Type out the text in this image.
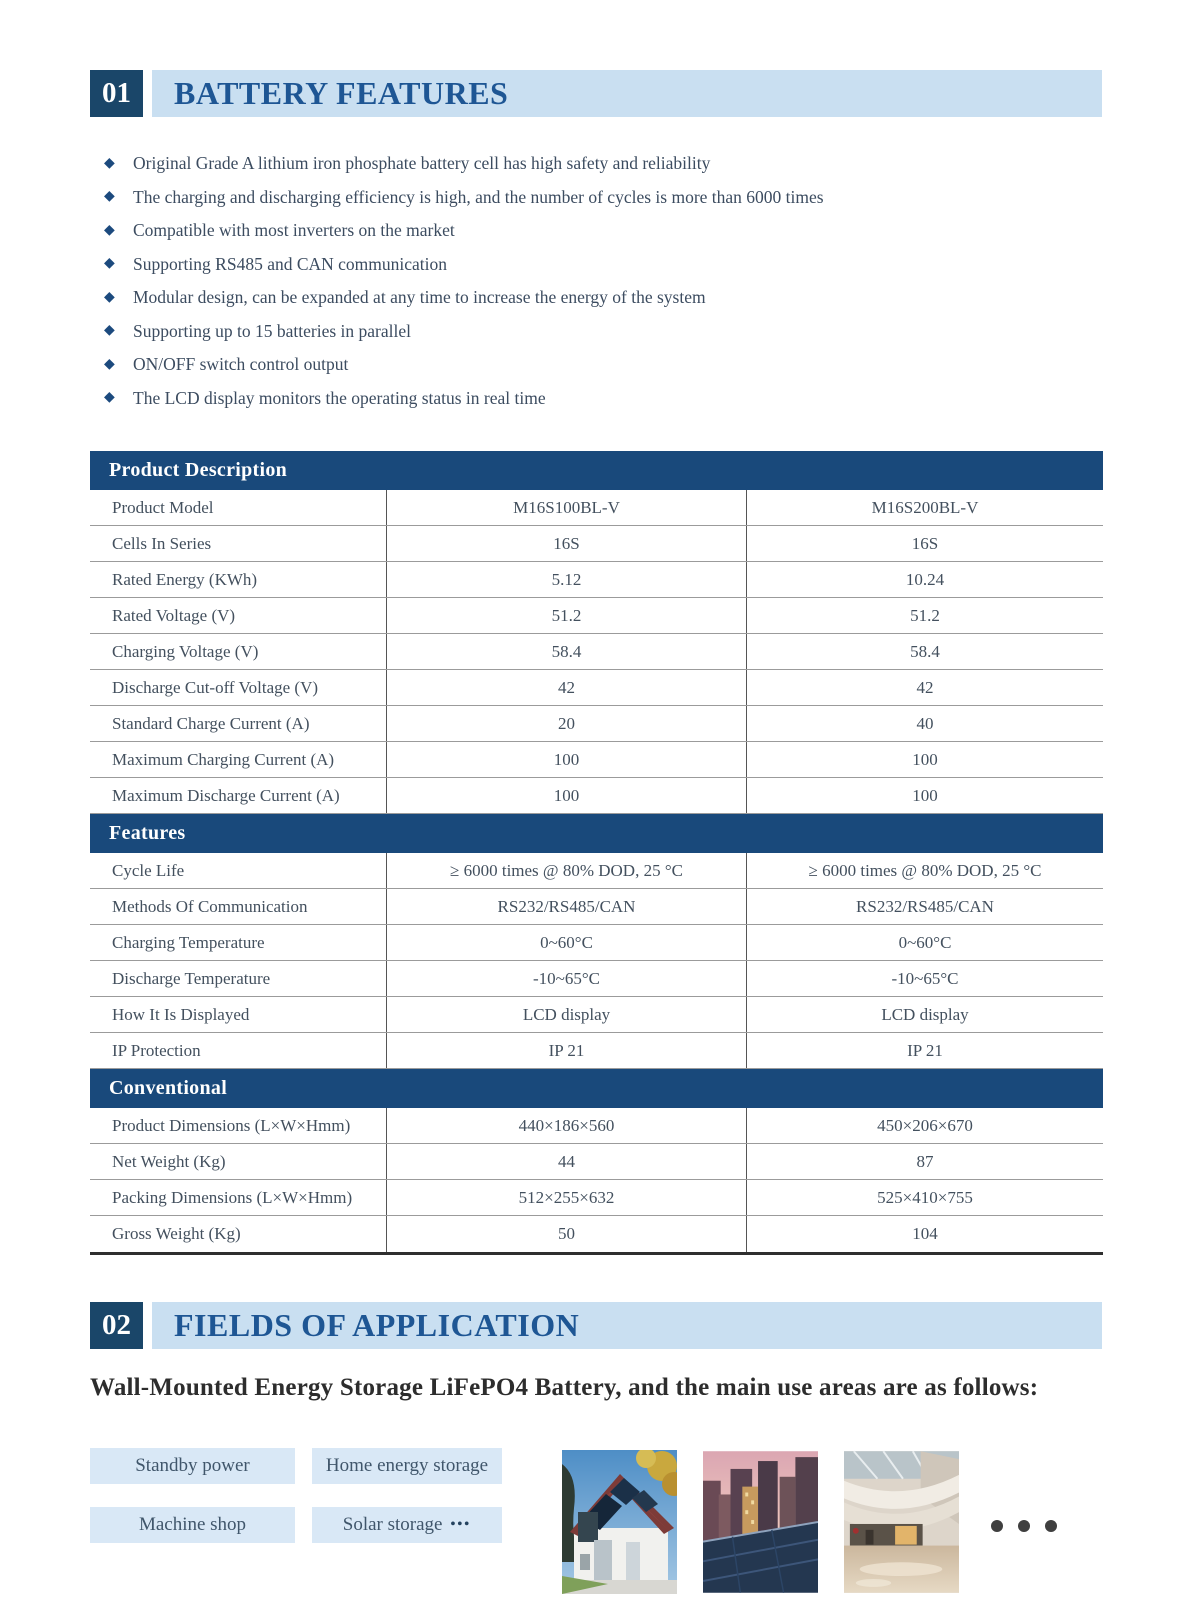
01	BATTERY FEATURES
◆	Original Grade A lithium iron phosphate battery cell has high safety and reliability
◆	The charging and discharging efficiency is high, and the number of cycles is more than 6000 times
◆	Compatible with most inverters on the market
◆	Supporting RS485 and CAN communication
◆	Modular design, can be expanded at any time to increase the energy of the system
◆	Supporting up to 15 batteries in parallel
◆	ON/OFF switch control output
◆	The LCD display monitors the operating status in real time
Product Description
Product Model	M16S100BL-V	M16S200BL-V
Cells In Series	16S	16S
Rated Energy (KWh)	5.12	10.24
Rated Voltage (V)	51.2	51.2
Charging Voltage (V)	58.4	58.4
Discharge Cut-off Voltage (V)	42	42
Standard Charge Current (A)	20	40
Maximum Charging Current (A)	100	100
Maximum Discharge Current (A)	100	100
Features
Cycle Life	≥ 6000 times @ 80% DOD, 25 °C	≥ 6000 times @ 80% DOD, 25 °C
Methods Of Communication	RS232/RS485/CAN	RS232/RS485/CAN
Charging Temperature	0~60°C	0~60°C
Discharge Temperature	-10~65°C	-10~65°C
How It Is Displayed	LCD display	LCD display
IP Protection	IP 21	IP 21
Conventional
Product Dimensions (L×W×Hmm)	440×186×560	450×206×670
Net Weight (Kg)	44	87
Packing Dimensions (L×W×Hmm)	512×255×632	525×410×755
Gross Weight (Kg)	50	104
02	FIELDS OF APPLICATION
Wall-Mounted Energy Storage LiFePO4 Battery, and the main use areas are as follows:
Standby power	Home energy storage
Machine shop	Solar storage •••
